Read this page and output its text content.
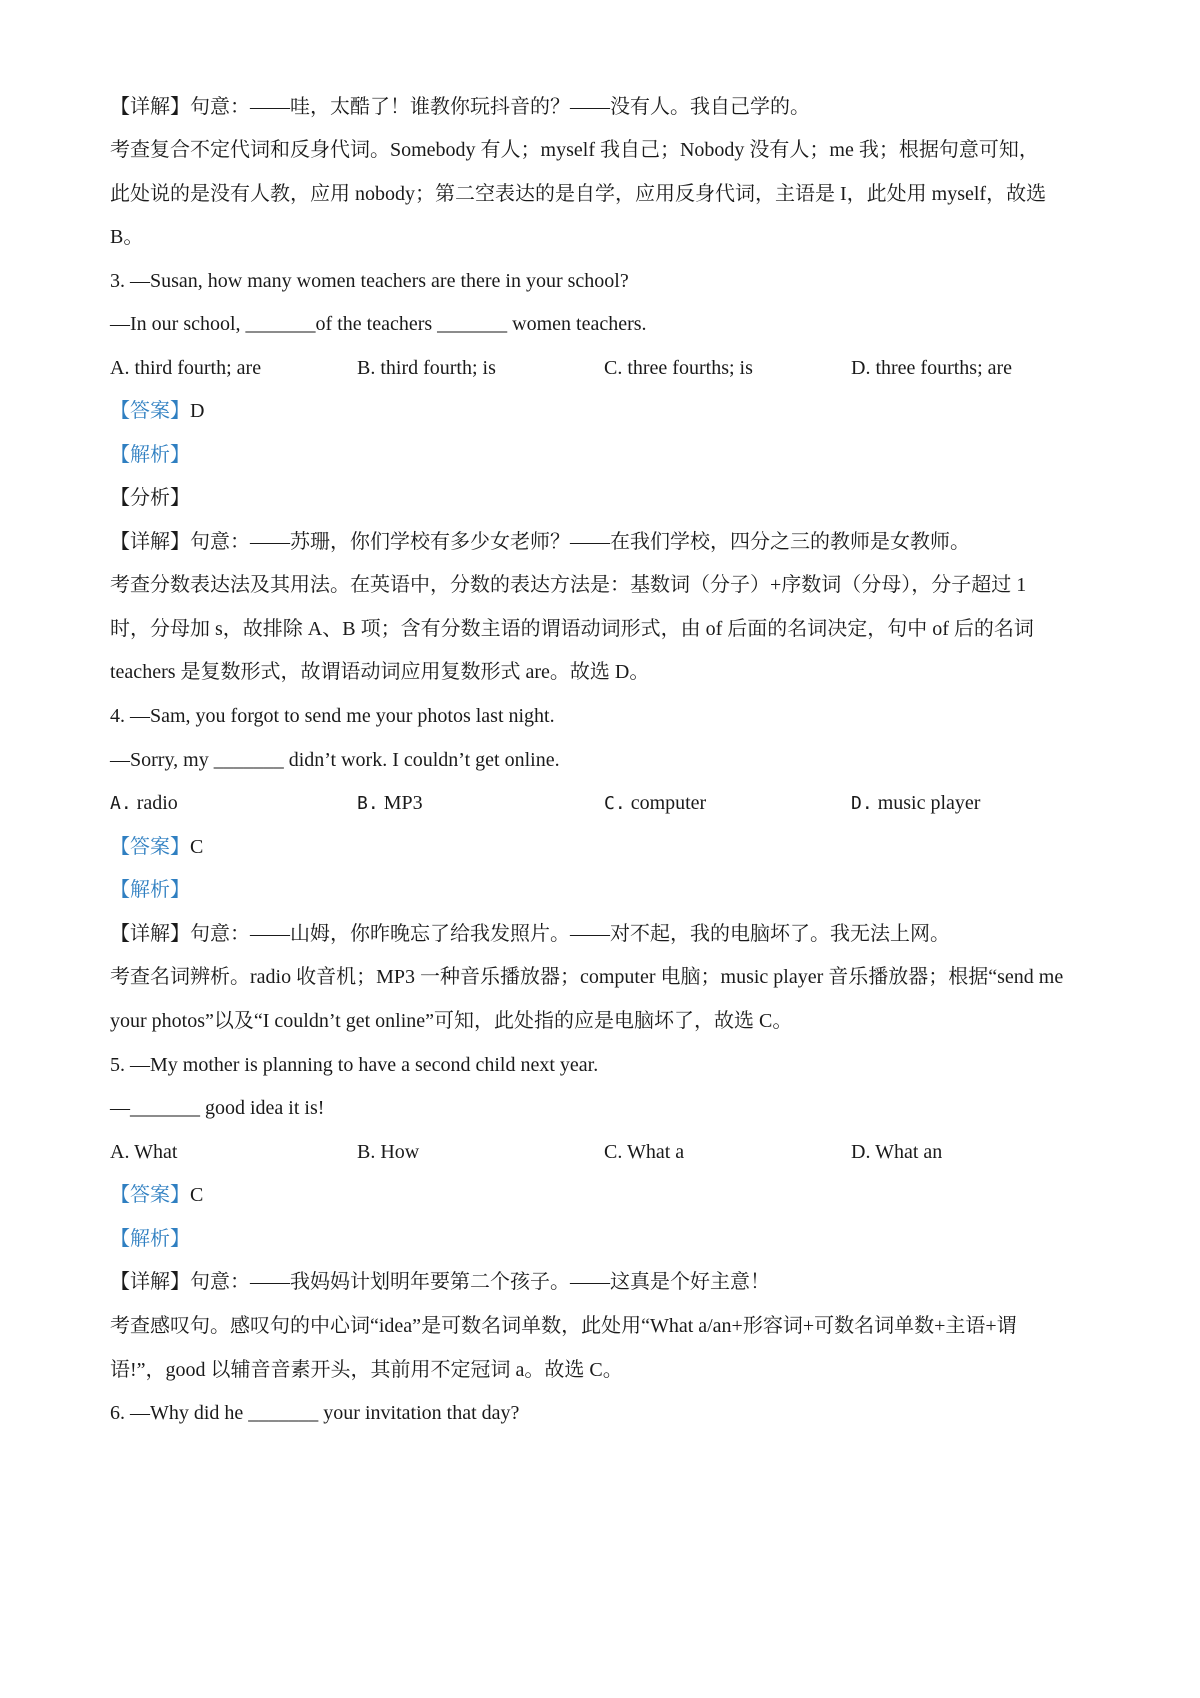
【详解】句意：——哇，太酷了！谁教你玩抖音的？——没有人。我自己学的。
考查复合不定代词和反身代词。Somebody 有人；myself 我自己；Nobody 没有人；me 我；根据句意可知，
此处说的是没有人教，应用 nobody；第二空表达的是自学，应用反身代词，主语是 I，此处用 myself，故选
B。
3. —Susan, how many women teachers are there in your school?
—In our school, _______of the teachers _______ women teachers.
A. third fourth; are	B. third fourth; is	C. three fourths; is	D. three fourths; are
【答案】D
【解析】
【分析】
【详解】句意：——苏珊，你们学校有多少女老师？——在我们学校，四分之三的教师是女教师。
考查分数表达法及其用法。在英语中，分数的表达方法是：基数词（分子）+序数词（分母），分子超过 1
时，分母加 s，故排除 A、B 项；含有分数主语的谓语动词形式，由 of 后面的名词决定，句中 of 后的名词
teachers 是复数形式，故谓语动词应用复数形式 are。故选 D。
4. —Sam, you forgot to send me your photos last night.
—Sorry, my _______ didn’t work. I couldn’t get online.
A. radio	B. MP3	C. computer	D. music player
【答案】C
【解析】
【详解】句意：——山姆，你昨晚忘了给我发照片。——对不起，我的电脑坏了。我无法上网。
考查名词辨析。radio 收音机；MP3 一种音乐播放器；computer 电脑；music player 音乐播放器；根据“send me
your photos”以及“I couldn’t get online”可知，此处指的应是电脑坏了，故选 C。
5. —My mother is planning to have a second child next year.
—_______ good idea it is!
A. What	B. How	C. What a	D. What an
【答案】C
【解析】
【详解】句意：——我妈妈计划明年要第二个孩子。——这真是个好主意！
考查感叹句。感叹句的中心词“idea”是可数名词单数，此处用“What a/an+形容词+可数名词单数+主语+谓
语!”，good 以辅音音素开头，其前用不定冠词 a。故选 C。
6. —Why did he _______ your invitation that day?
